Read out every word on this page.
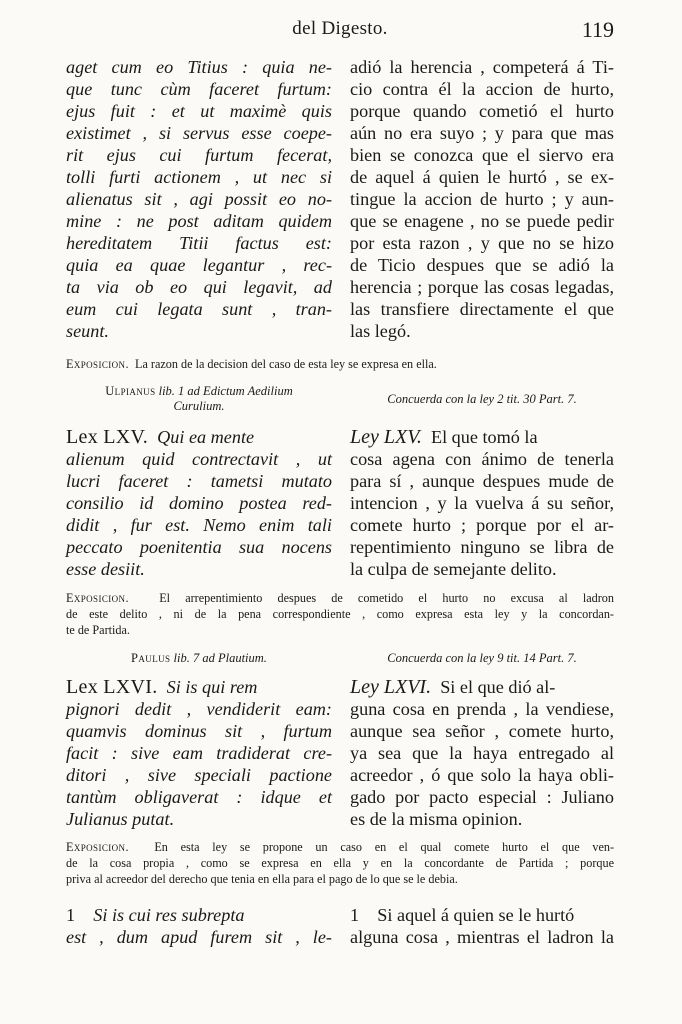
del Digesto.	119
aget cum eo Titius : quia ne-
que tunc cùm faceret furtum:
ejus fuit : et ut maximè quis
existimet , si servus esse coepe-
rit ejus cui furtum fecerat,
tolli furti actionem , ut nec si
alienatus sit , agi possit eo no-
mine : ne post aditam quidem
hereditatem Titii factus est:
quia ea quae legantur , rec-
ta via ob eo qui legavit, ad
eum cui legata sunt , tran-
seunt.
adió la herencia , competerá á Ti-
cio contra él la accion de hurto,
porque quando cometió el hurto
aún no era suyo ; y para que mas
bien se conozca que el siervo era
de aquel á quien le hurtó , se ex-
tingue la accion de hurto ; y aun-
que se enagene , no se puede pedir
por esta razon , y que no se hizo
de Ticio despues que se adió la
herencia ; porque las cosas legadas,
las transfiere directamente el que
las legó.
Exposicion. La razon de la decision del caso de esta ley se expresa en ella.
Ulpianus lib. 1 ad Edictum Aedilium
Curulium.	Concuerda con la ley 2 tit. 30 Part. 7.
Lex LXV. Qui ea mente
alienum quid contrectavit , ut
lucri faceret : tametsi mutato
consilio id domino postea red-
didit , fur est. Nemo enim tali
peccato poenitentia sua nocens
esse desiit.
Ley LXV. El que tomó la
cosa agena con ánimo de tenerla
para sí , aunque despues mude de
intencion , y la vuelva á su señor,
comete hurto ; porque por el ar-
repentimiento ninguno se libra de
la culpa de semejante delito.
Exposicion. El arrepentimiento despues de cometido el hurto no excusa al ladron
de este delito , ni de la pena correspondiente , como expresa esta ley y la concordan-
te de Partida.
Paulus lib. 7 ad Plautium.	Concuerda con la ley 9 tit. 14 Part. 7.
Lex LXVI. Si is qui rem
pignori dedit , vendiderit eam:
quamvis dominus sit , furtum
facit : sive eam tradiderat cre-
ditori , sive speciali pactione
tantùm obligaverat : idque et
Julianus putat.
Ley LXVI. Si el que dió al-
guna cosa en prenda , la vendiese,
aunque sea señor , comete hurto,
ya sea que la haya entregado al
acreedor , ó que solo la haya obli-
gado por pacto especial : Juliano
es de la misma opinion.
Exposicion. En esta ley se propone un caso en el qual comete hurto el que ven-
de la cosa propia , como se expresa en ella y en la concordante de Partida ; porque
priva al acreedor del derecho que tenia en ella para el pago de lo que se le debia.
1 Si is cui res subrepta
est , dum apud furem sit , le-
1 Si aquel á quien se le hurtó
alguna cosa , mientras el ladron la
